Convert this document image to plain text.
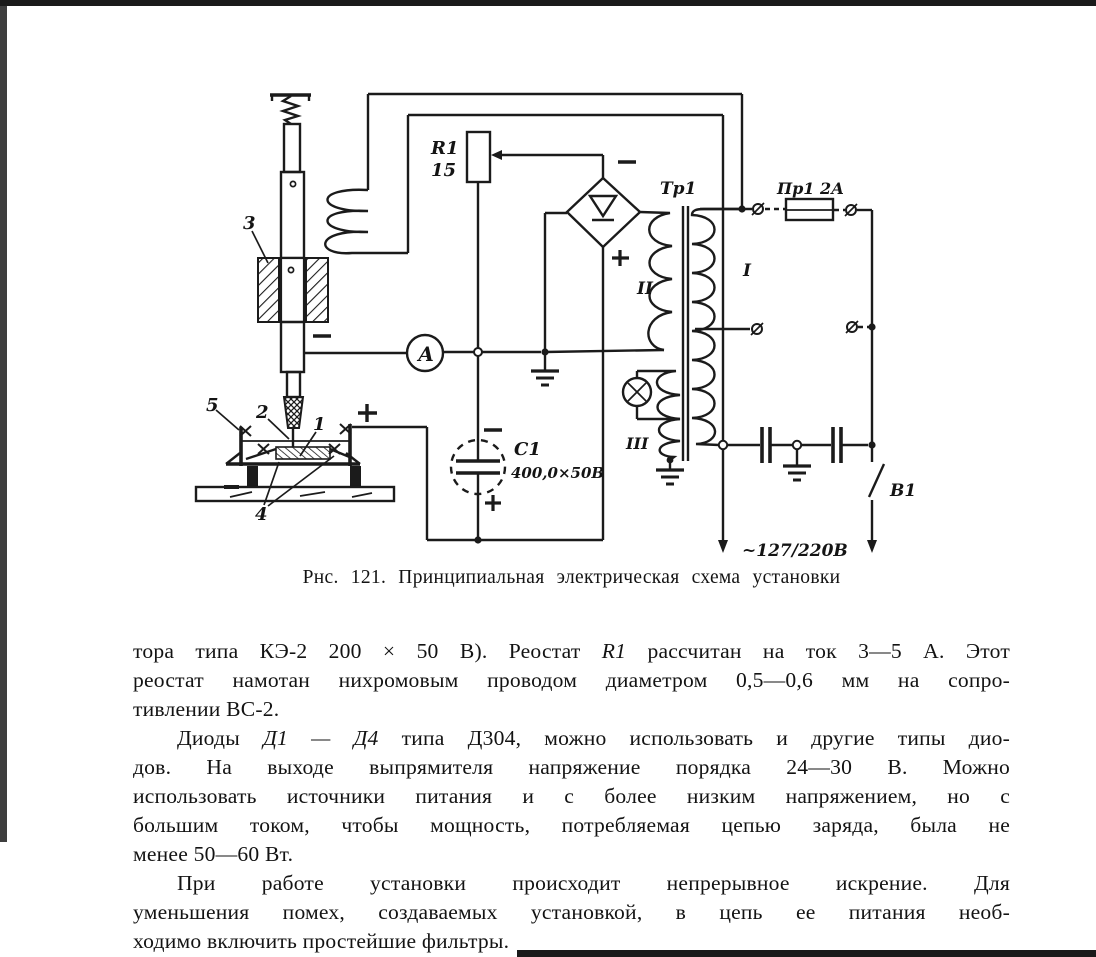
3
5 2
1
4
А
R1
15
С1
400,0×50В
Тр1
II
I
III
Пр1 2А
В1
~127/220В
Рнс. 121. Принципиальная электрическая схема установки
тора типа КЭ-2 200 × 50 В). Реостат R1 рассчитан на ток 3—5 А. Этот
реостат намотан нихромовым проводом диаметром 0,5—0,6 мм на сопро-
тивлении ВС-2.
Диоды Д1 — Д4 типа Д304, можно использовать и другие типы дио-
дов. На выходе выпрямителя напряжение порядка 24—30 В. Можно
использовать источники питания и с более низким напряжением, но с
большим током, чтобы мощность, потребляемая цепью заряда, была не
менее 50—60 Вт.
При работе установки происходит непрерывное искрение. Для
уменьшения помех, создаваемых установкой, в цепь ее питания необ-
ходимо включить простейшие фильтры.
